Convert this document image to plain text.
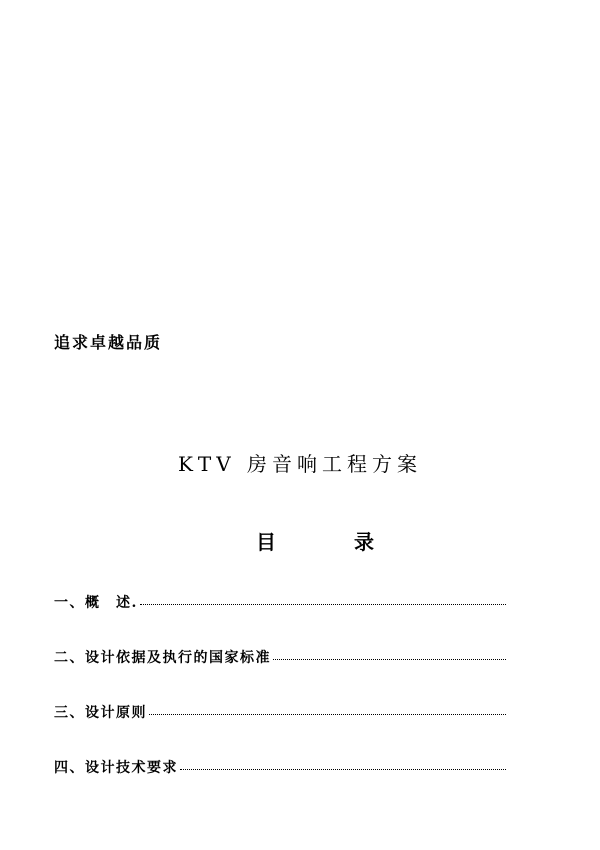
追求卓越品质
KTV 房音响工程方案
目	录
一、概　述.
二、设计依据及执行的国家标准
三、设计原则
四、设计技术要求
